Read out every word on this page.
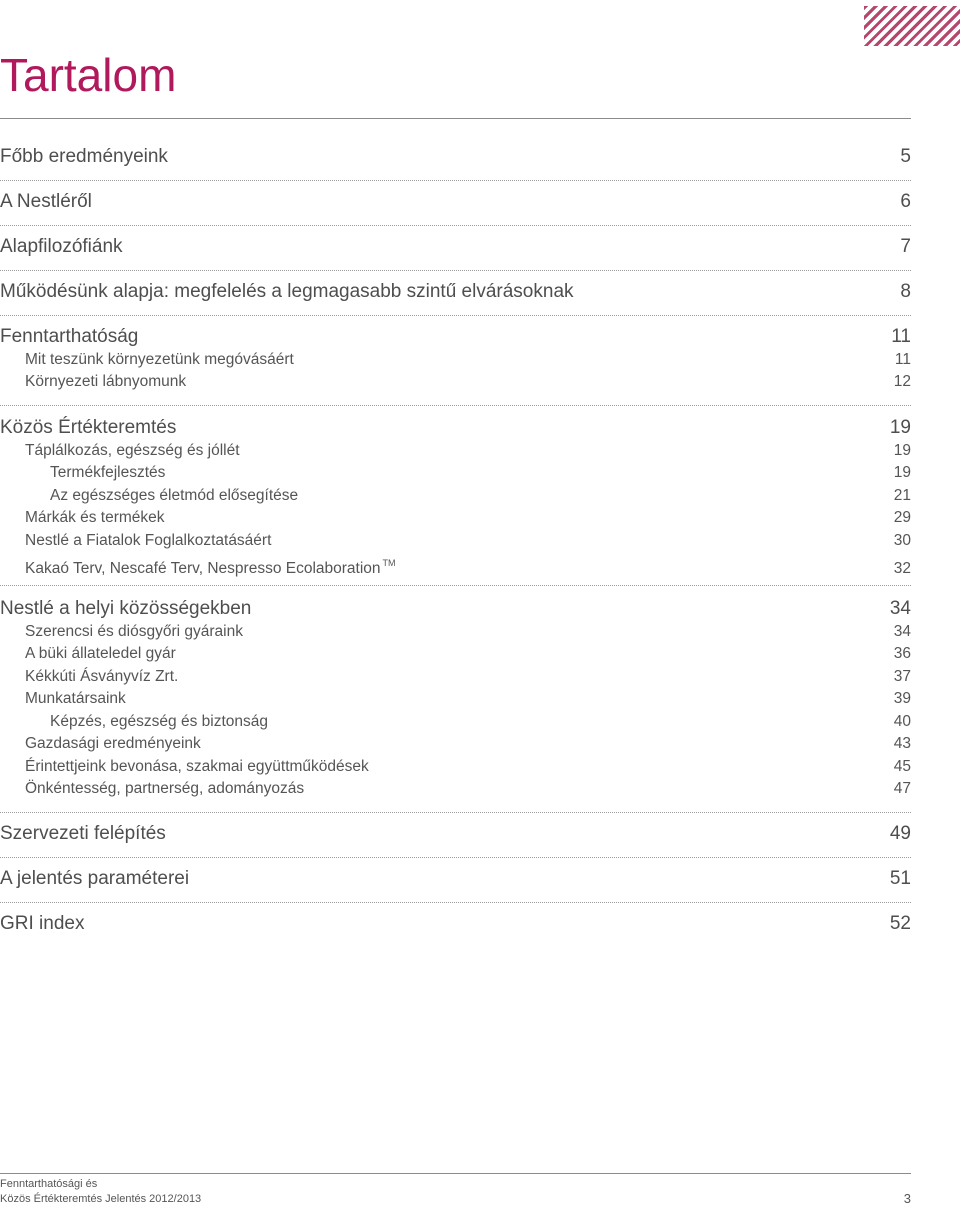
Tartalom
Főbb eredményeink	5
A Nestléről	6
Alapfilozófiánk	7
Működésünk alapja: megfelelés a legmagasabb szintű elvárásoknak	8
Fenntarthatóság	11
Mit teszünk környezetünk megóvásáért	11
Környezeti lábnyomunk	12
Közös Értékteremtés	19
Táplálkozás, egészség és jóllét	19
Termékfejlesztés	19
Az egészséges életmód elősegítése	21
Márkák és termékek	29
Nestlé a Fiatalok Foglalkoztatásáért	30
Kakaó Terv, Nescafé Terv, Nespresso Ecolaboration ™	32
Nestlé a helyi közösségekben	34
Szerencsi és diósgyőri gyáraink	34
A büki állateledel gyár	36
Kékkúti Ásványvíz Zrt.	37
Munkatársaink	39
Képzés, egészség és biztonság	40
Gazdasági eredményeink	43
Érintettjeink bevonása, szakmai együttműködések	45
Önkéntesség, partnerség, adományozás	47
Szervezeti felépítés	49
A jelentés paraméterei	51
GRI index	52
Fenntarthatósági és
Közös Értékteremtés Jelentés 2012/2013	3
